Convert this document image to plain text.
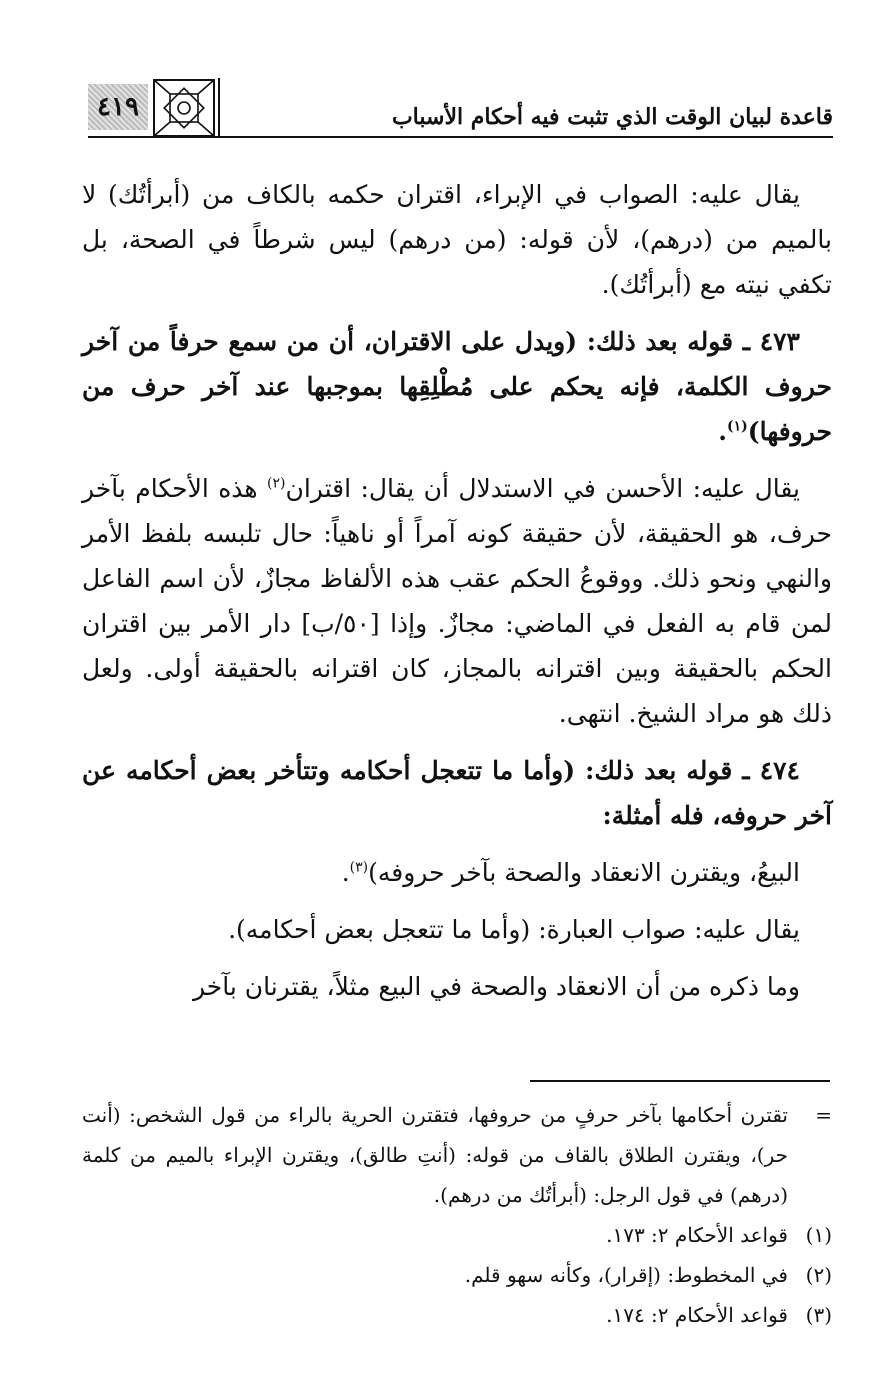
٤١٩	قاعدة لبيان الوقت الذي تثبت فيه أحكام الأسباب

يقال عليه: الصواب في الإبراء، اقتران حكمه بالكاف من (أبرأتُك) لا بالميم من (درهم)، لأن قوله: (من درهم) ليس شرطاً في الصحة، بل تكفي نيته مع (أبرأتُك).

٤٧٣ ـ قوله بعد ذلك: (ويدل على الاقتران، أن من سمع حرفاً من آخر حروف الكلمة، فإنه يحكم على مُطْلِقِها بموجبها عند آخر حرف من حروفها)$^{(١)}$.

يقال عليه: الأحسن في الاستدلال أن يقال: اقتران$^{(٢)}$ هذه الأحكام بآخر حرف، هو الحقيقة، لأن حقيقة كونه آمراً أو ناهياً: حال تلبسه بلفظ الأمر والنهي ونحو ذلك. ووقوعُ الحكم عقب هذه الألفاظ مجازٌ، لأن اسم الفاعل لمن قام به الفعل في الماضي: مجازٌ. وإذا [٥٠/ب] دار الأمر بين اقتران الحكم بالحقيقة وبين اقترانه بالمجاز، كان اقترانه بالحقيقة أولى. ولعل ذلك هو مراد الشيخ. انتهى.

٤٧٤ ـ قوله بعد ذلك: (وأما ما تتعجل أحكامه وتتأخر بعض أحكامه عن آخر حروفه، فله أمثلة:

البيعُ، ويقترن الانعقاد والصحة بآخر حروفه)$^{(٣)}$.

يقال عليه: صواب العبارة: (وأما ما تتعجل بعض أحكامه).

وما ذكره من أن الانعقاد والصحة في البيع مثلاً، يقترنان بآخر

=
تقترن أحكامها بآخر حرفٍ من حروفها، فتقترن الحرية بالراء من قول الشخص: (أنت حر)، ويقترن الطلاق بالقاف من قوله: (أنتِ طالق)، ويقترن الإبراء بالميم من كلمة (درهم) في قول الرجل: (أبرأتُك من درهم).
(١)
قواعد الأحكام ٢: ١٧٣.
(٢)
في المخطوط: (إقرار)، وكأنه سهو قلم.
(٣)
قواعد الأحكام ٢: ١٧٤.
